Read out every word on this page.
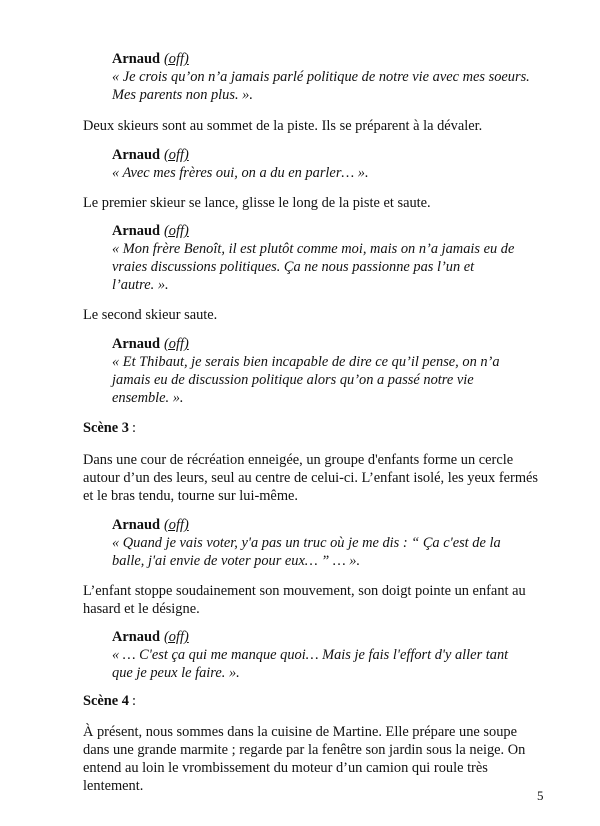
Arnaud (off)
« Je crois qu’on n’a jamais parlé politique de notre vie avec mes soeurs.
Mes parents non plus. ».
Deux skieurs sont au sommet de la piste. Ils se préparent à la dévaler.
Arnaud (off)
« Avec mes frères oui, on a du en parler… ».
Le premier skieur se lance, glisse le long de la piste et saute.
Arnaud (off)
« Mon frère Benoît, il est plutôt comme moi, mais on n’a jamais eu de
vraies discussions politiques. Ça ne nous passionne pas l’un et
l’autre. ».
Le second skieur saute.
Arnaud (off)
« Et Thibaut, je serais bien incapable de dire ce qu’il pense, on n’a
jamais eu de discussion politique alors qu’on a passé notre vie
ensemble. ».
Scène 3 :
Dans une cour de récréation enneigée, un groupe d'enfants forme un cercle
autour d’un des leurs, seul au centre de celui-ci. L’enfant isolé, les yeux fermés
et le bras tendu, tourne sur lui-même.
Arnaud (off)
« Quand je vais voter, y'a pas un truc où je me dis : “ Ça c'est de la
balle, j'ai envie de voter pour eux… ” … ».
L’enfant stoppe soudainement son mouvement, son doigt pointe un enfant au
hasard et le désigne.
Arnaud (off)
« … C'est ça qui me manque quoi… Mais je fais l'effort d'y aller tant
que je peux le faire. ».
Scène 4 :
À présent, nous sommes dans la cuisine de Martine. Elle prépare une soupe
dans une grande marmite ; regarde par la fenêtre son jardin sous la neige. On
entend au loin le vrombissement du moteur d’un camion qui roule très
lentement.
5
